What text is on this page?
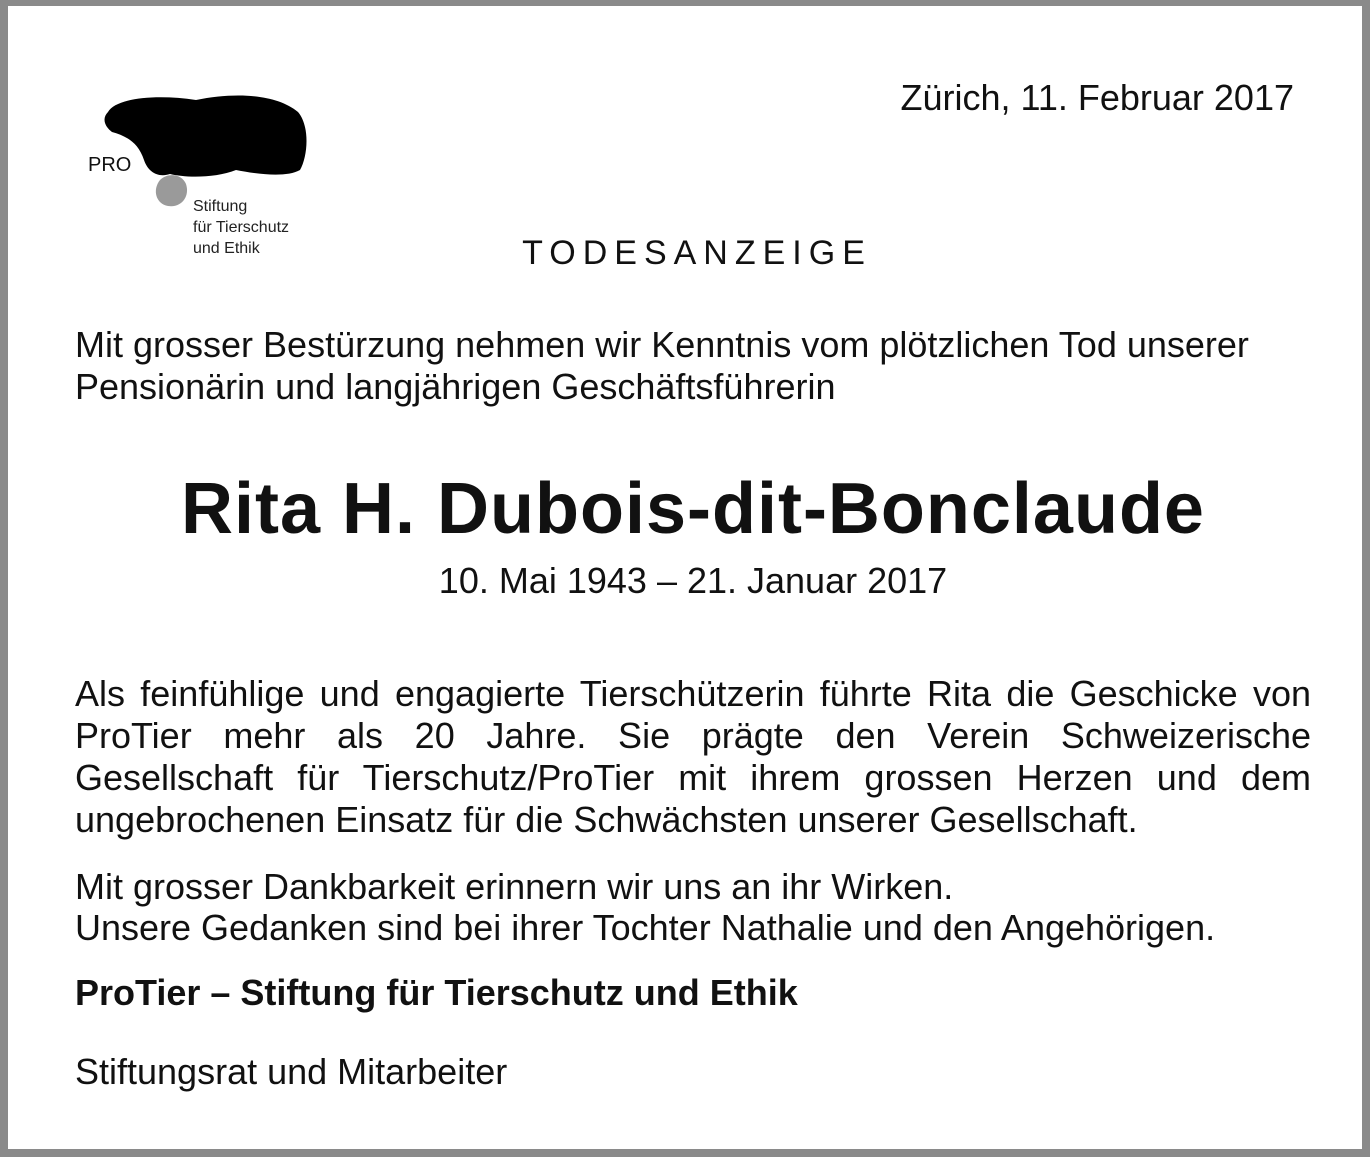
PRO
Stiftung
für Tierschutz
und Ethik
Zürich, 11. Februar 2017
TODESANZEIGE
Mit grosser Bestürzung nehmen wir Kenntnis vom plötzlichen Tod unserer Pensionärin und langjährigen Geschäftsführerin
Rita H. Dubois-dit-Bonclaude
10. Mai 1943 – 21. Januar 2017
Als feinfühlige und engagierte Tierschützerin führte Rita die Geschicke von ProTier mehr als 20 Jahre. Sie prägte den Verein Schweizerische Gesellschaft für Tierschutz/ProTier mit ihrem grossen Herzen und dem ungebrochenen Einsatz für die Schwächsten unserer Gesellschaft.
Mit grosser Dankbarkeit erinnern wir uns an ihr Wirken.
Unsere Gedanken sind bei ihrer Tochter Nathalie und den Angehörigen.
ProTier – Stiftung für Tierschutz und Ethik
Stiftungsrat und Mitarbeiter
